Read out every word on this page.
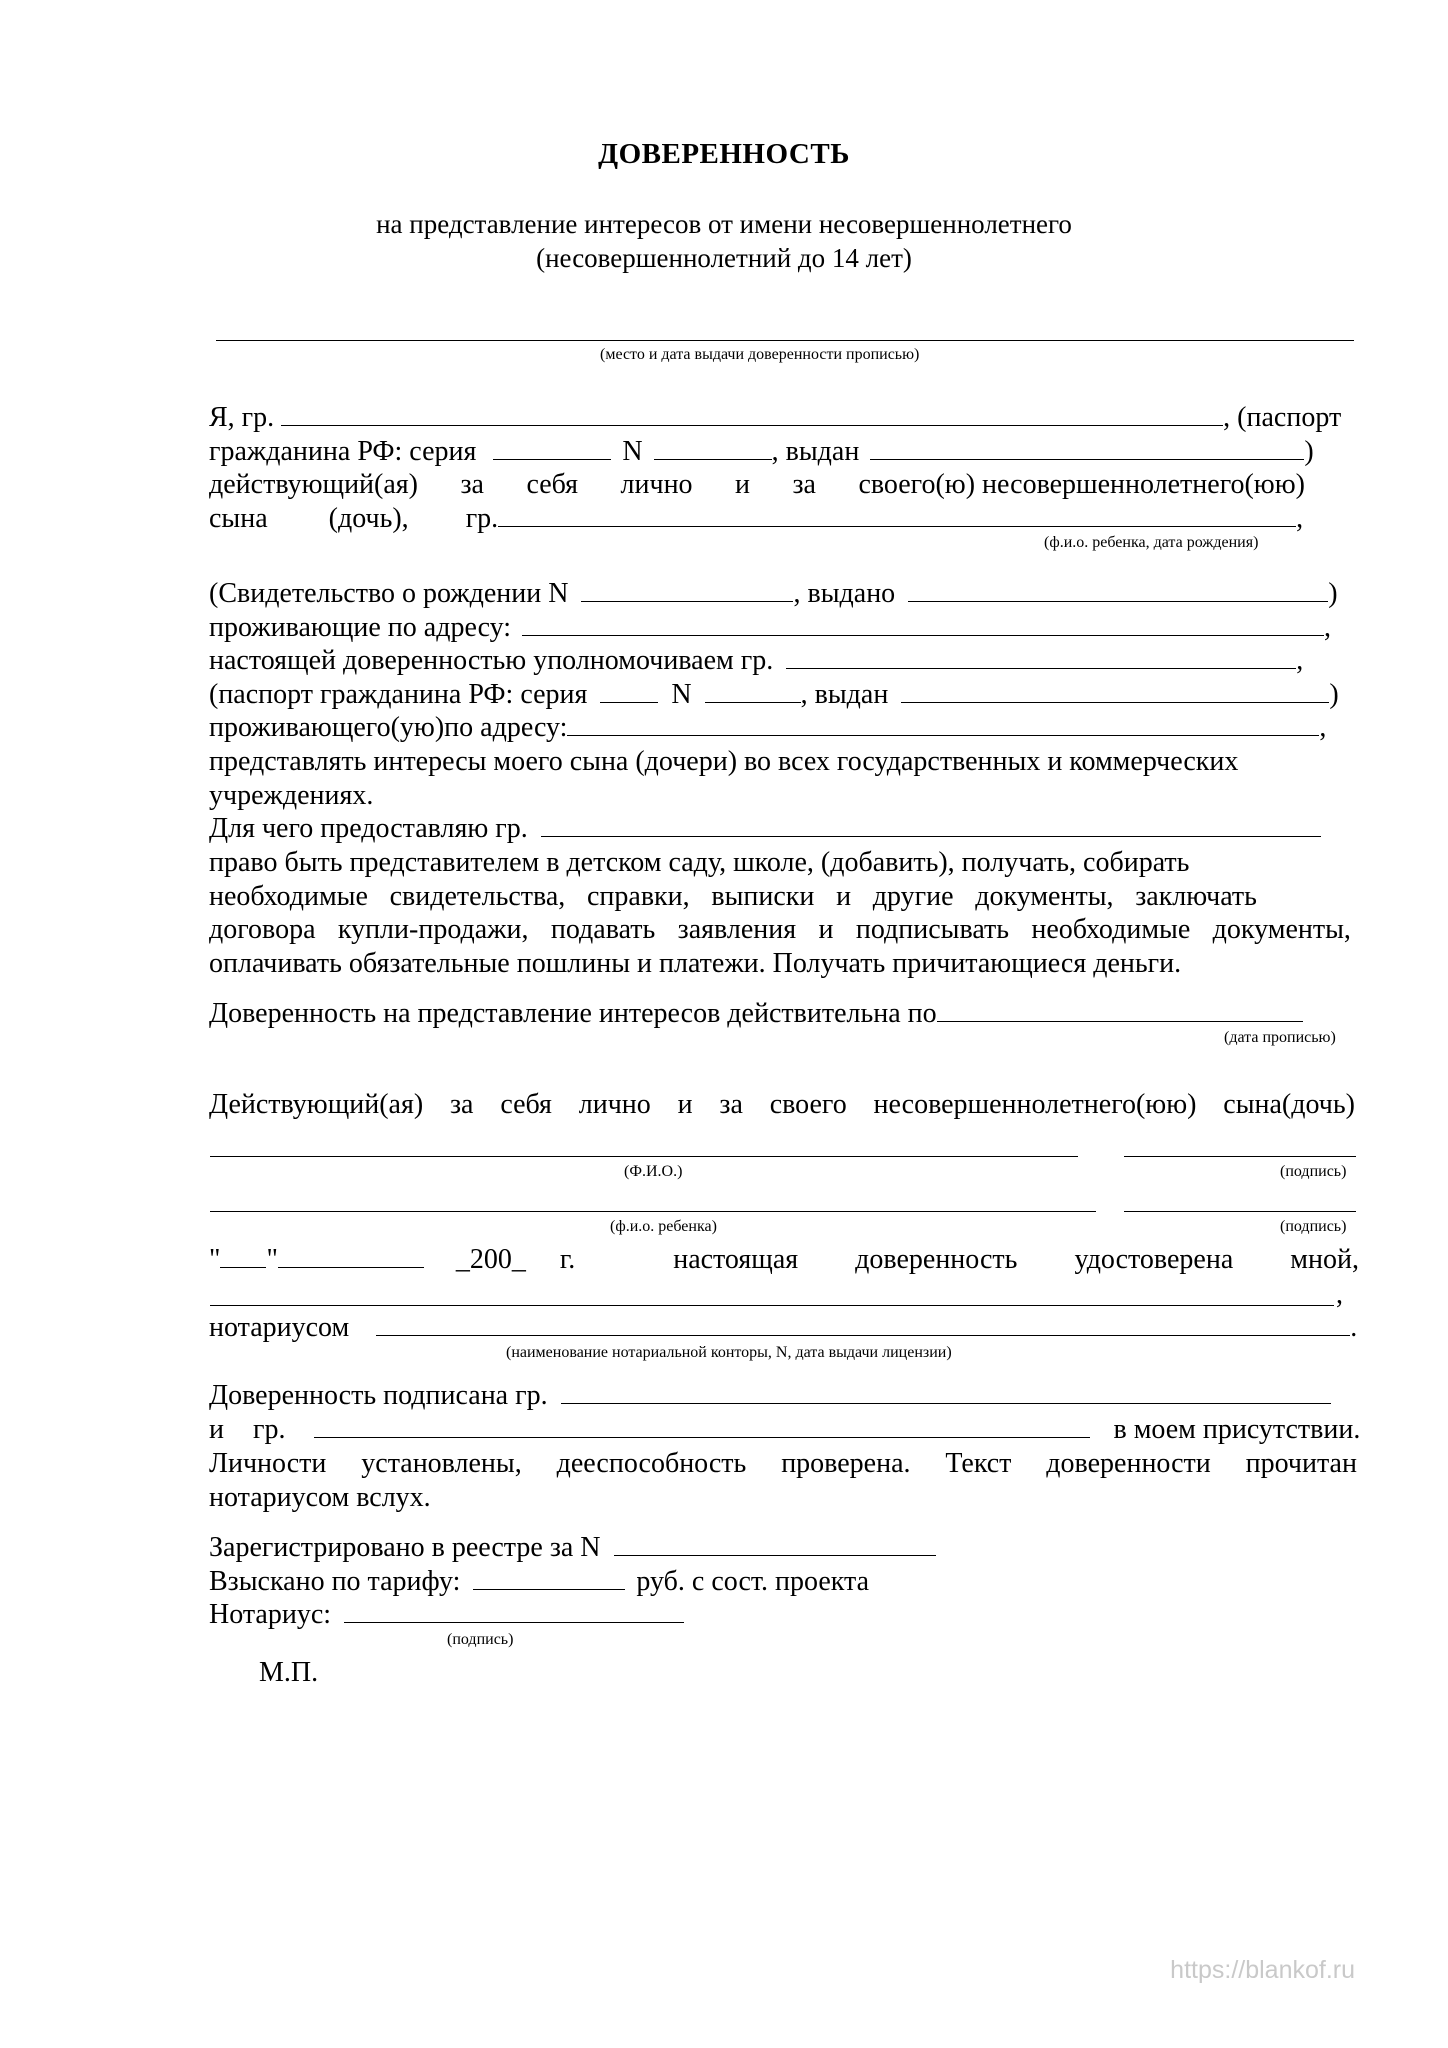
ДОВЕРЕННОСТЬ
на представление интересов от имени несовершеннолетнего
(несовершеннолетний до 14 лет)
(место и дата выдачи доверенности прописью)
Я, гр.	, (паспорт
гражданина РФ: серия	N	, выдан	)
действующий(ая) за себя лично и за своего(ю) несовершеннолетнего(юю)
сына (дочь), гр.	,
(ф.и.о. ребенка, дата рождения)
(Свидетельство о рождении N	, выдано	)
проживающие по адресу:	,
настоящей доверенностью уполномочиваем гр.	,
(паспорт гражданина РФ: серия	N	, выдан	)
проживающего(ую)по адресу:	,
представлять интересы моего сына (дочери) во всех государственных и коммерческих
учреждениях.
Для чего предоставляю гр.
право быть представителем в детском саду, школе, (добавить), получать, собирать
необходимые свидетельства, справки, выписки и другие документы, заключать
договора купли-продажи, подавать заявления и подписывать необходимые документы,
оплачивать обязательные пошлины и платежи. Получать причитающиеся деньги.
Доверенность на представление интересов действительна по
(дата прописью)
Действующий(ая) за себя лично и за своего несовершеннолетнего(юю) сына(дочь)
(Ф.И.О.)	(подпись)
(ф.и.о. ребенка)	(подпись)
" "	_200_ г.	настоящая доверенность удостоверена мной,
,
нотариусом	.
(наименование нотариальной конторы, N, дата выдачи лицензии)
Доверенность подписана гр.
и гр.	в моем присутствии.
Личности установлены, дееспособность проверена. Текст доверенности прочитан
нотариусом вслух.
Зарегистрировано в реестре за N
Взыскано по тарифу:	руб. с сост. проекта
Нотариус:
(подпись)
М.П.
https://blankof.ru
